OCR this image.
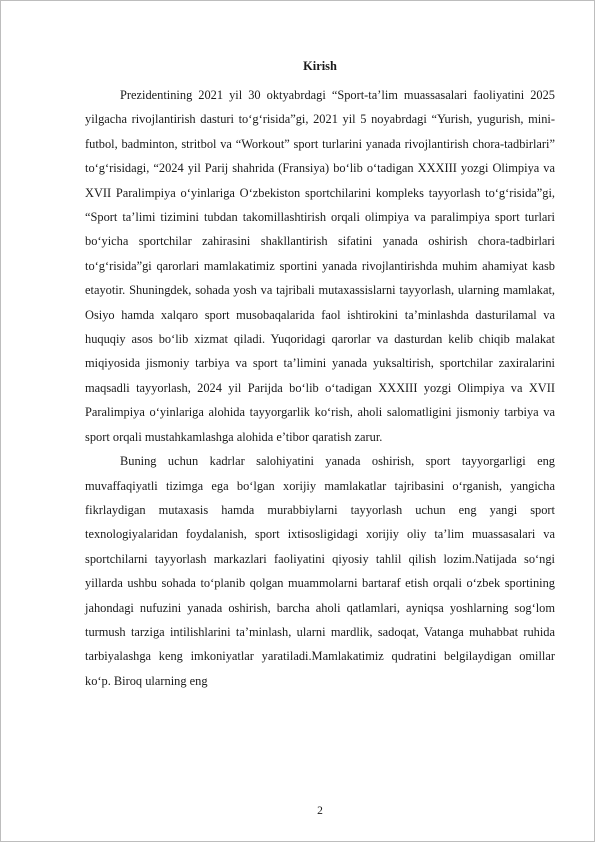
Kirish

Prezidentining 2021 yil 30 oktyabrdagi “Sport-ta’lim muassasalari faoliyatini 2025 yilgacha rivojlantirish dasturi to‘g‘risida”gi, 2021 yil 5 noyabrdagi “Yurish, yugurish, mini-futbol, badminton, stritbol va “Workout” sport turlarini yanada rivojlantirish chora-tadbirlari” to‘g‘risidagi, “2024 yil Parij shahrida (Fransiya) bo‘lib o‘tadigan XXXIII yozgi Olimpiya va XVII Paralimpiya o‘yinlariga O‘zbekiston sportchilarini kompleks tayyorlash to‘g‘risida”gi, “Sport ta’limi tizimini tubdan takomillashtirish orqali olimpiya va paralimpiya sport turlari bo‘yicha sportchilar zahirasini shakllantirish sifatini yanada oshirish chora-tadbirlari to‘g‘risida”gi qarorlari mamlakatimiz sportini yanada rivojlantirishda muhim ahamiyat kasb etayotir. Shuningdek, sohada yosh va tajribali mutaxassislarni tayyorlash, ularning mamlakat, Osiyo hamda xalqaro sport musobaqalarida faol ishtirokini ta’minlashda dasturilamal va huquqiy asos bo‘lib xizmat qiladi. Yuqoridagi qarorlar va dasturdan kelib chiqib malakat miqiyosida jismoniy tarbiya va sport ta’limini yanada yuksaltirish, sportchilar zaxiralarini maqsadli tayyorlash, 2024 yil Parijda bo‘lib o‘tadigan XXXIII yozgi Olimpiya va XVII Paralimpiya o‘yinlariga alohida tayyorgarlik ko‘rish, aholi salomatligini jismoniy tarbiya va sport orqali mustahkamlashga alohida e’tibor qaratish zarur.

Buning uchun kadrlar salohiyatini yanada oshirish, sport tayyorgarligi eng muvaffaqiyatli tizimga ega bo‘lgan xorijiy mamlakatlar tajribasini o‘rganish, yangicha fikrlaydigan mutaxasis hamda murabbiylarni tayyorlash uchun eng yangi sport texnologiyalaridan foydalanish, sport ixtisosligidagi xorijiy oliy ta’lim muassasalari va sportchilarni tayyorlash markazlari faoliyatini qiyosiy tahlil qilish lozim.Natijada so‘ngi yillarda ushbu sohada to‘planib qolgan muammolarni bartaraf etish orqali o‘zbek sportining jahondagi nufuzini yanada oshirish, barcha aholi qatlamlari, ayniqsa yoshlarning sog‘lom turmush tarziga intilishlarini ta’minlash, ularni mardlik, sadoqat, Vatanga muhabbat ruhida tarbiyalashga keng imkoniyatlar yaratiladi.Mamlakatimiz qudratini belgilaydigan omillar ko‘p. Biroq ularning eng

2
